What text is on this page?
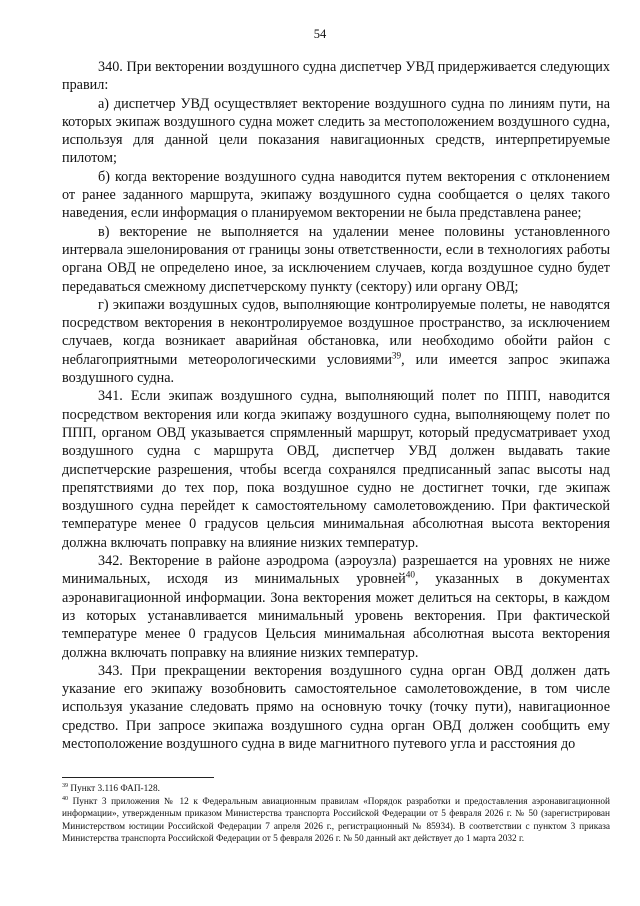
54

340. При векторении воздушного судна диспетчер УВД придерживается следующих правил:

а) диспетчер УВД осуществляет векторение воздушного судна по линиям пути, на которых экипаж воздушного судна может следить за местоположением воздушного судна, используя для данной цели показания навигационных средств, интерпретируемые пилотом;

б) когда векторение воздушного судна наводится путем векторения с отклонением от ранее заданного маршрута, экипажу воздушного судна сообщается о целях такого наведения, если информация о планируемом векторении не была представлена ранее;

в) векторение не выполняется на удалении менее половины установленного интервала эшелонирования от границы зоны ответственности, если в технологиях работы органа ОВД не определено иное, за исключением случаев, когда воздушное судно будет передаваться смежному диспетчерскому пункту (сектору) или органу ОВД;

г) экипажи воздушных судов, выполняющие контролируемые полеты, не наводятся посредством векторения в неконтролируемое воздушное пространство, за исключением случаев, когда возникает аварийная обстановка, или необходимо обойти район с неблагоприятными метеорологическими условиями$^{39}$, или имеется запрос экипажа воздушного судна.

341. Если экипаж воздушного судна, выполняющий полет по ППП, наводится посредством векторения или когда экипажу воздушного судна, выполняющему полет по ППП, органом ОВД указывается спрямленный маршрут, который предусматривает уход воздушного судна с маршрута ОВД, диспетчер УВД должен выдавать такие диспетчерские разрешения, чтобы всегда сохранялся предписанный запас высоты над препятствиями до тех пор, пока воздушное судно не достигнет точки, где экипаж воздушного судна перейдет к самостоятельному самолетовождению. При фактической температуре менее 0 градусов цельсия минимальная абсолютная высота векторения должна включать поправку на влияние низких температур.

342. Векторение в районе аэродрома (аэроузла) разрешается на уровнях не ниже минимальных, исходя из минимальных уровней$^{40}$, указанных в документах аэронавигационной информации. Зона векторения может делиться на секторы, в каждом из которых устанавливается минимальный уровень векторения. При фактической температуре менее 0 градусов Цельсия минимальная абсолютная высота векторения должна включать поправку на влияние низких температур.

343. При прекращении векторения воздушного судна орган ОВД должен дать указание его экипажу возобновить самостоятельное самолетовождение, в том числе используя указание следовать прямо на основную точку (точку пути), навигационное средство. При запросе экипажа воздушного судна орган ОВД должен сообщить ему местоположение воздушного судна в виде магнитного путевого угла и расстояния до

$^{39}$ Пункт 3.116 ФАП-128.

$^{40}$ Пункт 3 приложения № 12 к Федеральным авиационным правилам «Порядок разработки и предоставления аэронавигационной информации», утвержденным приказом Министерства транспорта Российской Федерации от 5 февраля 2026 г. № 50 (зарегистрирован Министерством юстиции Российской Федерации 7 апреля 2026 г., регистрационный № 85934). В соответствии с пунктом 3 приказа Министерства транспорта Российской Федерации от 5 февраля 2026 г. № 50 данный акт действует до 1 марта 2032 г.
